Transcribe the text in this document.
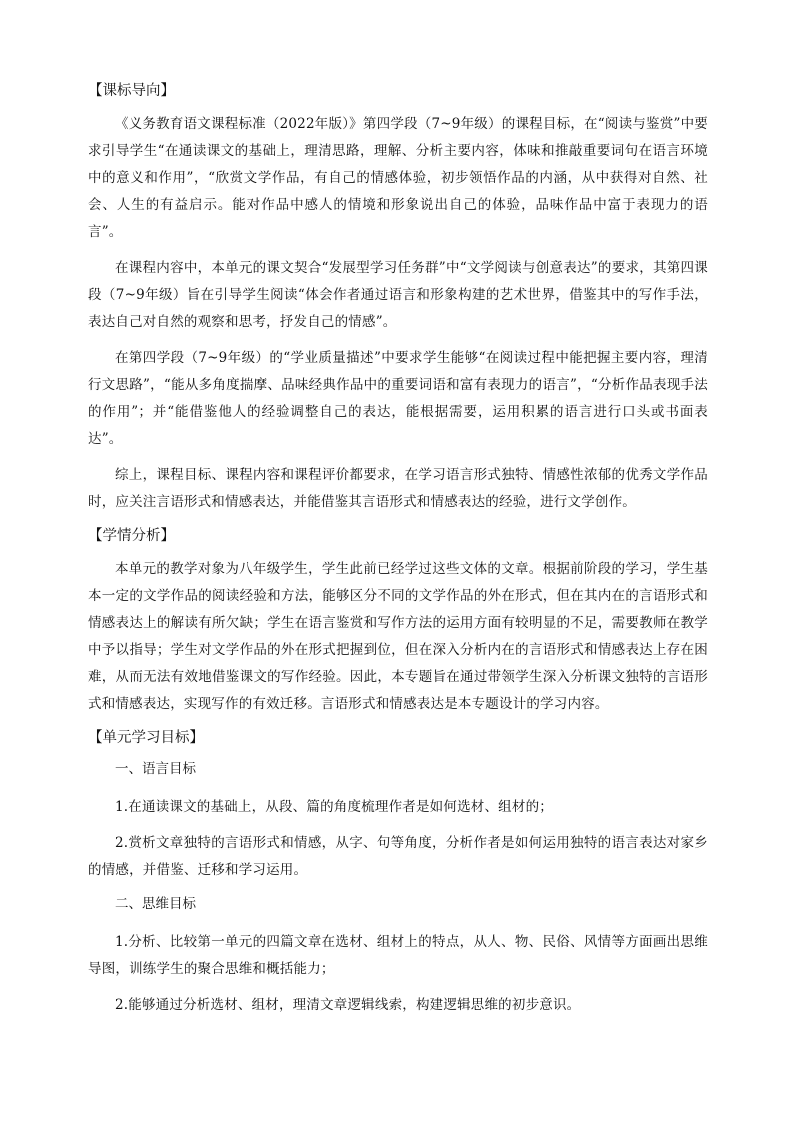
【课标导向】

《义务教育语文课程标准（2022年版）》第四学段（7~9年级）的课程目标，在“阅读与鉴赏”中要求引导学生“在通读课文的基础上，理清思路，理解、分析主要内容，体味和推敲重要词句在语言环境中的意义和作用”，“欣赏文学作品，有自己的情感体验，初步领悟作品的内涵，从中获得对自然、社会、人生的有益启示。能对作品中感人的情境和形象说出自己的体验，品味作品中富于表现力的语言”。

在课程内容中，本单元的课文契合“发展型学习任务群”中“文学阅读与创意表达”的要求，其第四课段（7~9年级）旨在引导学生阅读“体会作者通过语言和形象构建的艺术世界，借鉴其中的写作手法，表达自己对自然的观察和思考，抒发自己的情感”。

在第四学段（7~9年级）的“学业质量描述”中要求学生能够“在阅读过程中能把握主要内容，理清行文思路”，“能从多角度揣摩、品味经典作品中的重要词语和富有表现力的语言”，“分析作品表现手法的作用”；并“能借鉴他人的经验调整自己的表达，能根据需要，运用积累的语言进行口头或书面表达”。

综上，课程目标、课程内容和课程评价都要求，在学习语言形式独特、情感性浓郁的优秀文学作品时，应关注言语形式和情感表达，并能借鉴其言语形式和情感表达的经验，进行文学创作。

【学情分析】

本单元的教学对象为八年级学生，学生此前已经学过这些文体的文章。根据前阶段的学习，学生基本一定的文学作品的阅读经验和方法，能够区分不同的文学作品的外在形式，但在其内在的言语形式和情感表达上的解读有所欠缺；学生在语言鉴赏和写作方法的运用方面有较明显的不足，需要教师在教学中予以指导；学生对文学作品的外在形式把握到位，但在深入分析内在的言语形式和情感表达上存在困难，从而无法有效地借鉴课文的写作经验。因此，本专题旨在通过带领学生深入分析课文独特的言语形式和情感表达，实现写作的有效迁移。言语形式和情感表达是本专题设计的学习内容。

【单元学习目标】
一、语言目标

1.在通读课文的基础上，从段、篇的角度梳理作者是如何选材、组材的；

2.赏析文章独特的言语形式和情感，从字、句等角度，分析作者是如何运用独特的语言表达对家乡的情感，并借鉴、迁移和学习运用。

二、思维目标

1.分析、比较第一单元的四篇文章在选材、组材上的特点，从人、物、民俗、风情等方面画出思维导图，训练学生的聚合思维和概括能力；

2.能够通过分析选材、组材，理清文章逻辑线索，构建逻辑思维的初步意识。
